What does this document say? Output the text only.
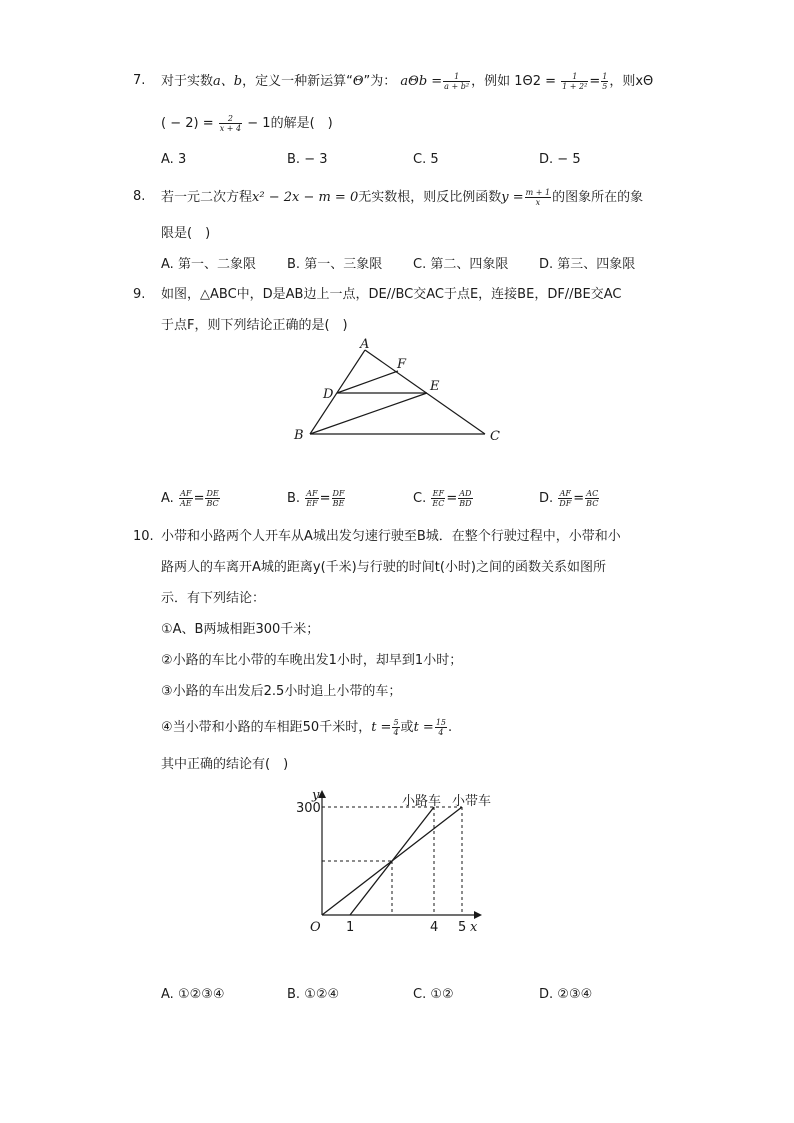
7. 对于实数a、b，定义一种新运算“Θ”为： $a\Theta b = \frac{1}{\text{a + b²}}$ ，例如 $1\Theta 2 = \frac{1}{\text{1 + 2²}} = \frac{1}{5}$ ，则xΘ
( − $2) = \frac{2}{x + 4} - 1$的解是(　)
A. 3	B. − 3	C. 5	D. − 5
8. 若一元二次方程x² − 2x − m = 0无实数根，则反比例函数$y = \frac{m + 1}{x}$ 的图象所在的象
限是(　)
A. 第一、二象限 B. 第一、三象限 C. 第二、四象限 D. 第三、四象限
9. 如图，△ABC中，D是AB边上一点，DE//BC交AC于点E，连接BE，DF//BE交AC
于点F，则下列结论正确的是(　)
A
F
E
D
B	C
A. $\frac{AF}{AE} = \frac{DE}{BC}$	B. $\frac{AF}{EF} = \frac{DF}{BE}$	C. $\frac{EF}{EC} = \frac{AD}{BD}$	D. $\frac{AF}{DF} = \frac{AC}{BC}$
10. 小带和小路两个人开车从A城出发匀速行驶至B城．在整个行驶过程中，小带和小
路两人的车离开A城的距离y(千米)与行驶的时间t(小时)之间的函数关系如图所
示．有下列结论：
①A、B两城相距300千米；
②小路的车比小带的车晚出发1小时，却早到1小时；
③小路的车出发后2.5小时追上小带的车；
④当小带和小路的车相距50千米时，$t = \frac{5}{4}$ 或$t = \frac{15}{4}$ .
其中正确的结论有(　)
y
x
O
小路车 小带车
1	4 5
300
A. ①②③④	B. ①②④	C. ①②	D. ②③④
